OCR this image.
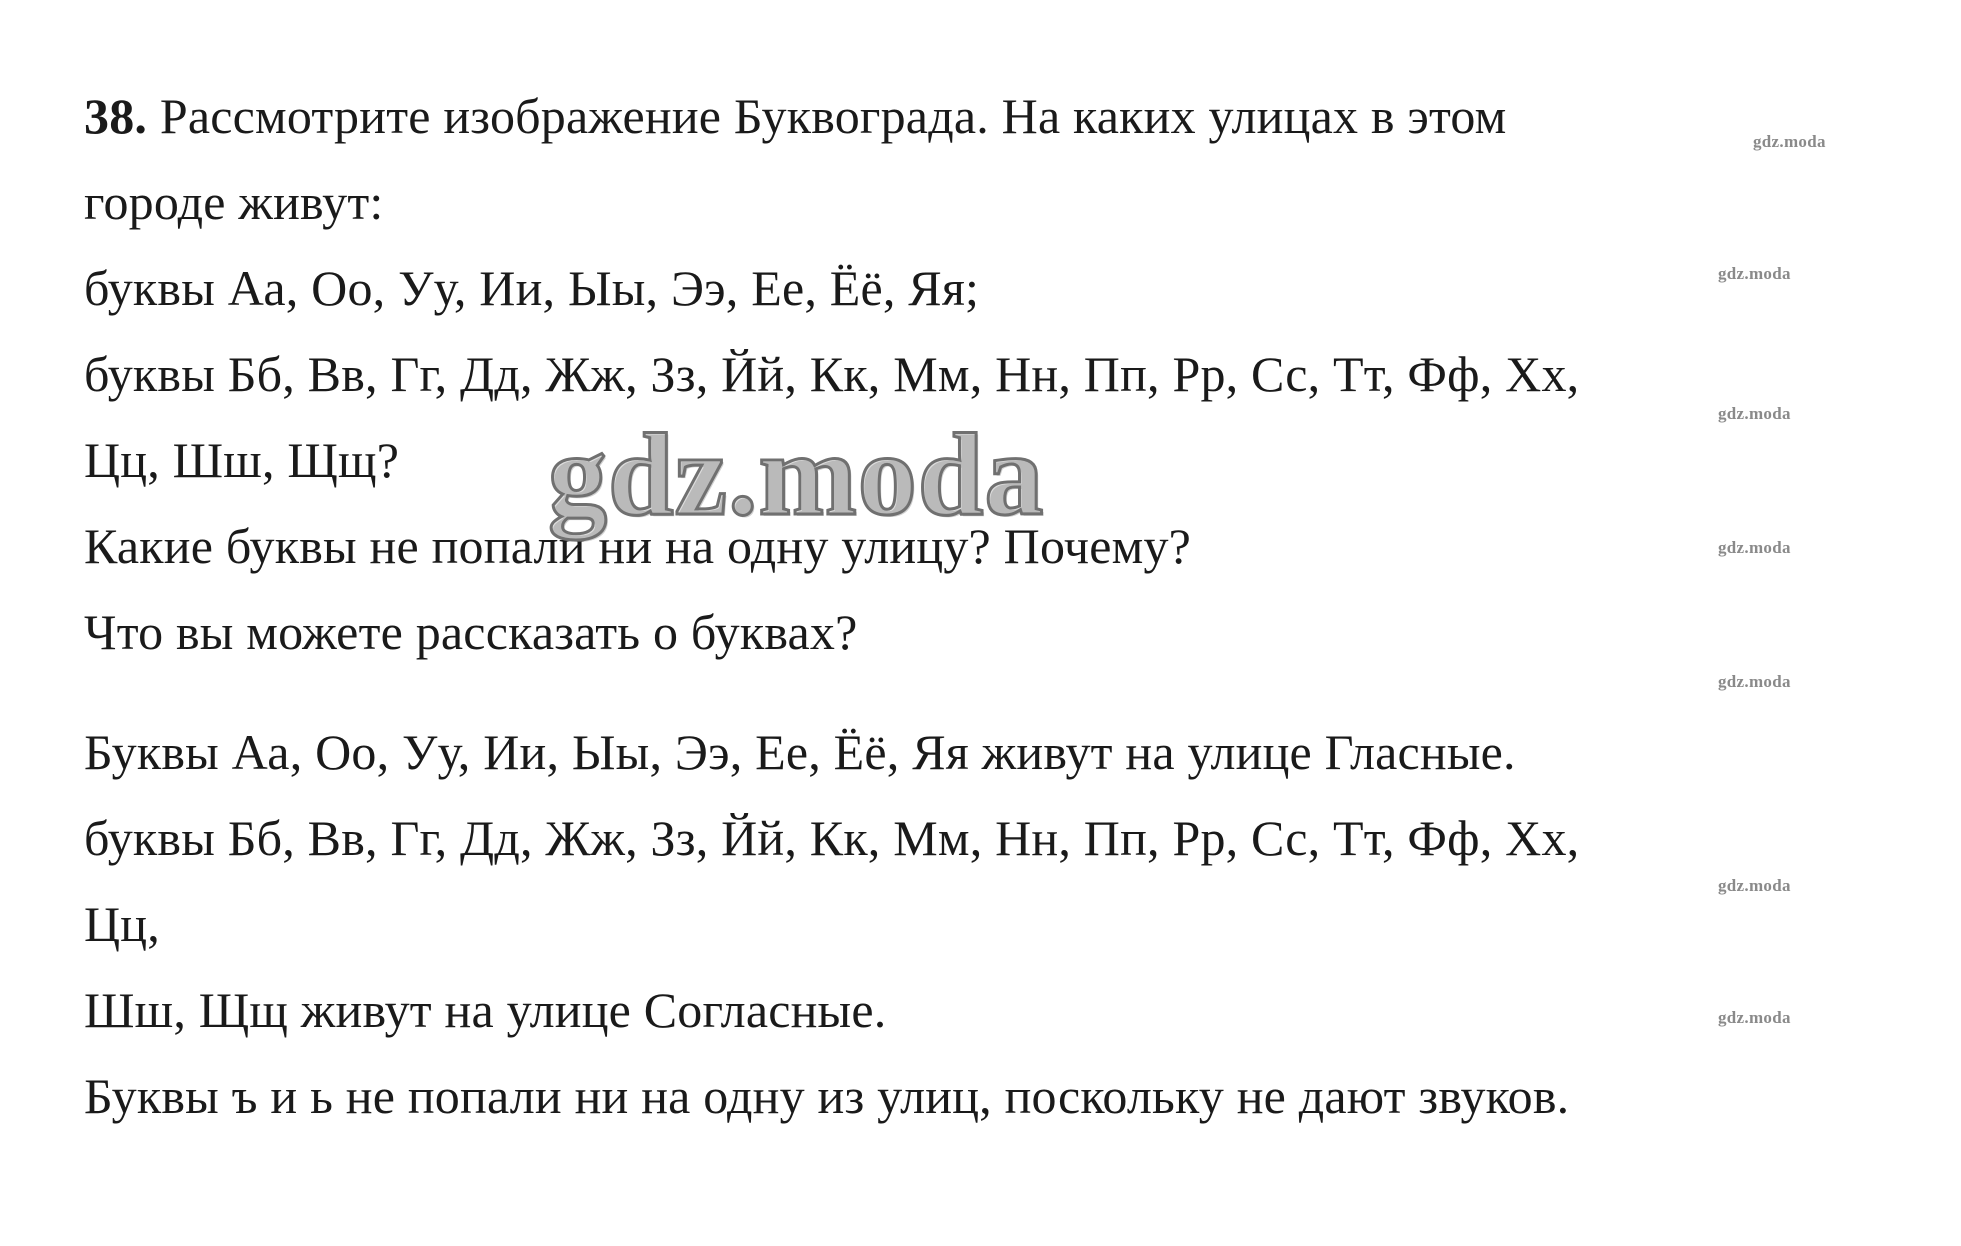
38. Рассмотрите изображение Буквограда. На каких улицах в этом
городе живут:
буквы Аа, Оо, Уу, Ии, Ыы, Ээ, Ее, Ёё, Яя;
буквы Бб, Вв, Гг, Дд, Жж, Зз, Йй, Кк, Мм, Нн, Пп, Рр, Сс, Тт, Фф, Хх,
Цц, Шш, Щщ?
Какие буквы не попали ни на одну улицу? Почему?
Что вы можете рассказать о буквах?
Буквы Аа, Оо, Уу, Ии, Ыы, Ээ, Ее, Ёё, Яя живут на улице Гласные.
буквы Бб, Вв, Гг, Дд, Жж, Зз, Йй, Кк, Мм, Нн, Пп, Рр, Сс, Тт, Фф, Хх,
Цц,
Шш, Щщ живут на улице Согласные.
Буквы ъ и ь не попали ни на одну из улиц, поскольку не дают звуков.
gdz.moda
gdz.moda
gdz.moda
gdz.moda
gdz.moda
gdz.moda
gdz.moda
gdz.moda
